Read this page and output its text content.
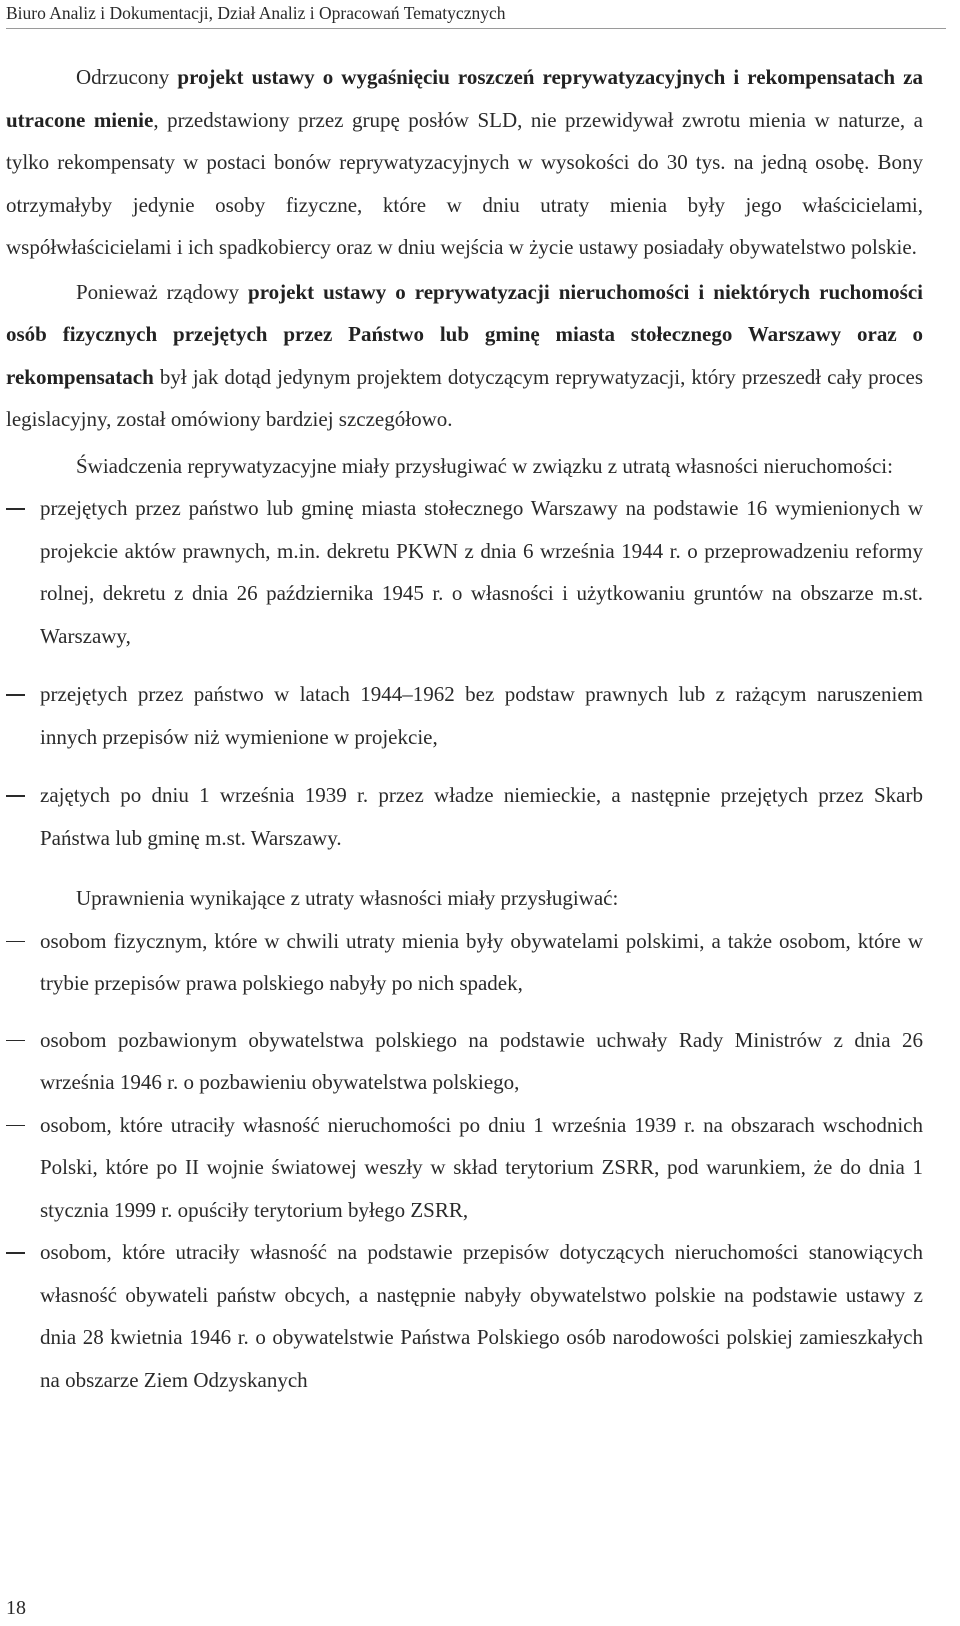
Biuro Analiz i Dokumentacji, Dział Analiz i Opracowań Tematycznych

Odrzucony projekt ustawy o wygaśnięciu roszczeń reprywatyzacyjnych i rekompensatach za utracone mienie, przedstawiony przez grupę posłów SLD, nie przewidywał zwrotu mienia w naturze, a tylko rekompensaty w postaci bonów reprywatyzacyjnych w wysokości do 30 tys. na jedną osobę. Bony otrzymałyby jedynie osoby fizyczne, które w dniu utraty mienia były jego właścicielami, współwłaścicielami i ich spadkobiercy oraz w dniu wejścia w życie ustawy posiadały obywatelstwo polskie.

Ponieważ rządowy projekt ustawy o reprywatyzacji nieruchomości i niektórych ruchomości osób fizycznych przejętych przez Państwo lub gminę miasta stołecznego Warszawy oraz o rekompensatach był jak dotąd jedynym projektem dotyczącym reprywatyzacji, który przeszedł cały proces legislacyjny, został omówiony bardziej szczegółowo.

Świadczenia reprywatyzacyjne miały przysługiwać w związku z utratą własności nieruchomości:

przejętych przez państwo lub gminę miasta stołecznego Warszawy na podstawie 16 wymienionych w projekcie aktów prawnych, m.in. dekretu PKWN z dnia 6 września 1944 r. o przeprowadzeniu reformy rolnej, dekretu z dnia 26 października 1945 r. o własności i użytkowaniu gruntów na obszarze m.st. Warszawy,
przejętych przez państwo w latach 1944–1962 bez podstaw prawnych lub z rażącym naruszeniem innych przepisów niż wymienione w projekcie,
zajętych po dniu 1 września 1939 r. przez władze niemieckie, a następnie przejętych przez Skarb Państwa lub gminę m.st. Warszawy.

Uprawnienia wynikające z utraty własności miały przysługiwać:

osobom fizycznym, które w chwili utraty mienia były obywatelami polskimi, a także osobom, które w trybie przepisów prawa polskiego nabyły po nich spadek,
osobom pozbawionym obywatelstwa polskiego na podstawie uchwały Rady Ministrów z dnia 26 września 1946 r. o pozbawieniu obywatelstwa polskiego,
osobom, które utraciły własność nieruchomości po dniu 1 września 1939 r. na obszarach wschodnich Polski, które po II wojnie światowej weszły w skład terytorium ZSRR, pod warunkiem, że do dnia 1 stycznia 1999 r. opuściły terytorium byłego ZSRR,
osobom, które utraciły własność na podstawie przepisów dotyczących nieruchomości stanowiących własność obywateli państw obcych, a następnie nabyły obywatelstwo polskie na podstawie ustawy z dnia 28 kwietnia 1946 r. o obywatelstwie Państwa Polskiego osób narodowości polskiej zamieszkałych na obszarze Ziem Odzyskanych
18
